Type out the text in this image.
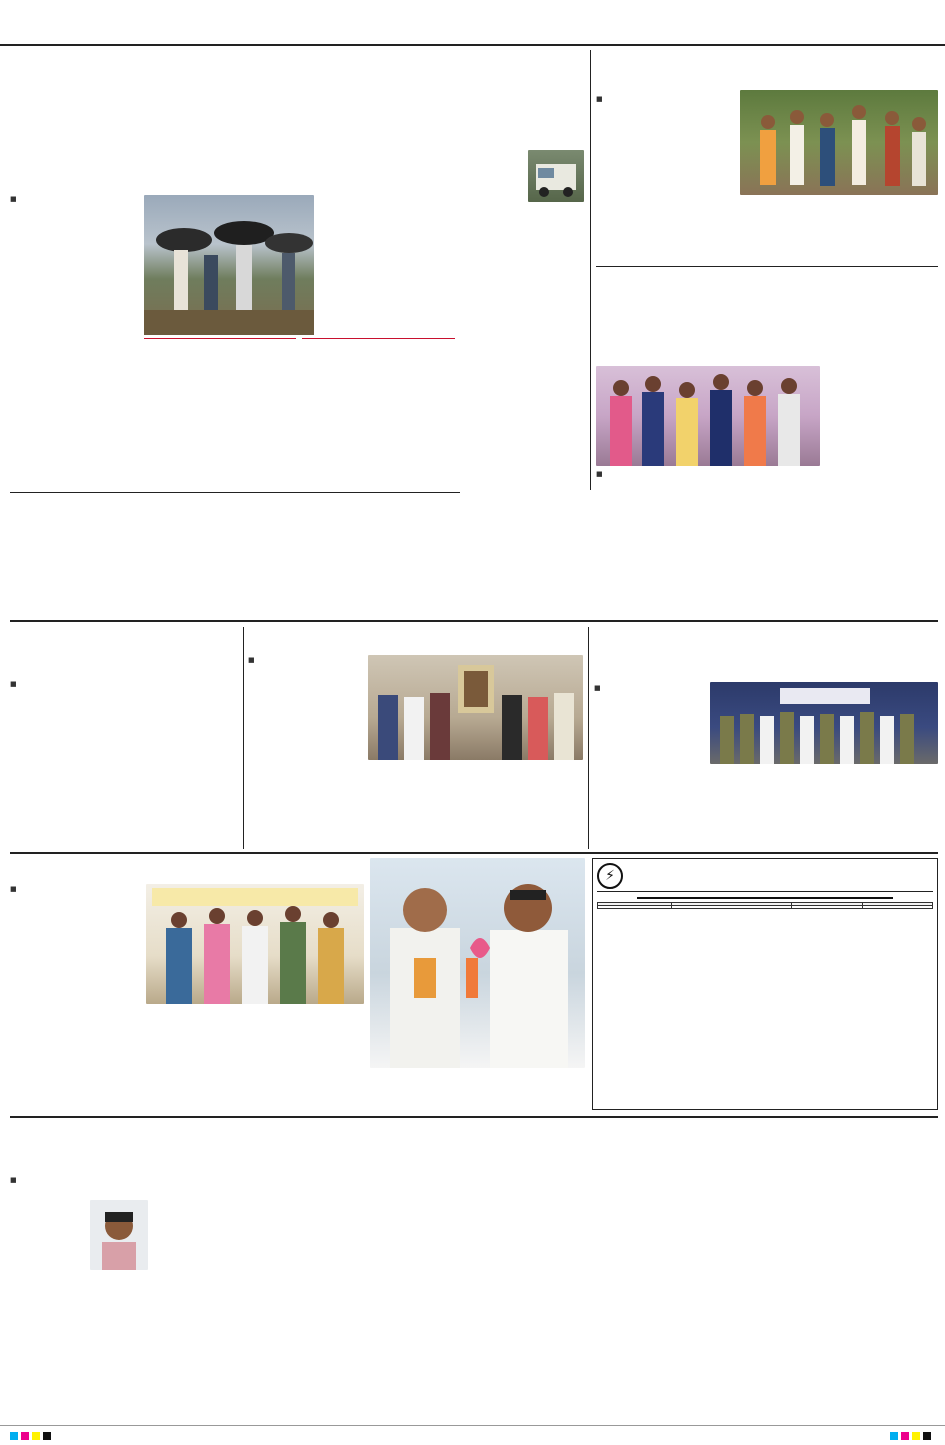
■
■
■
■
■
■
■
⚡

■
